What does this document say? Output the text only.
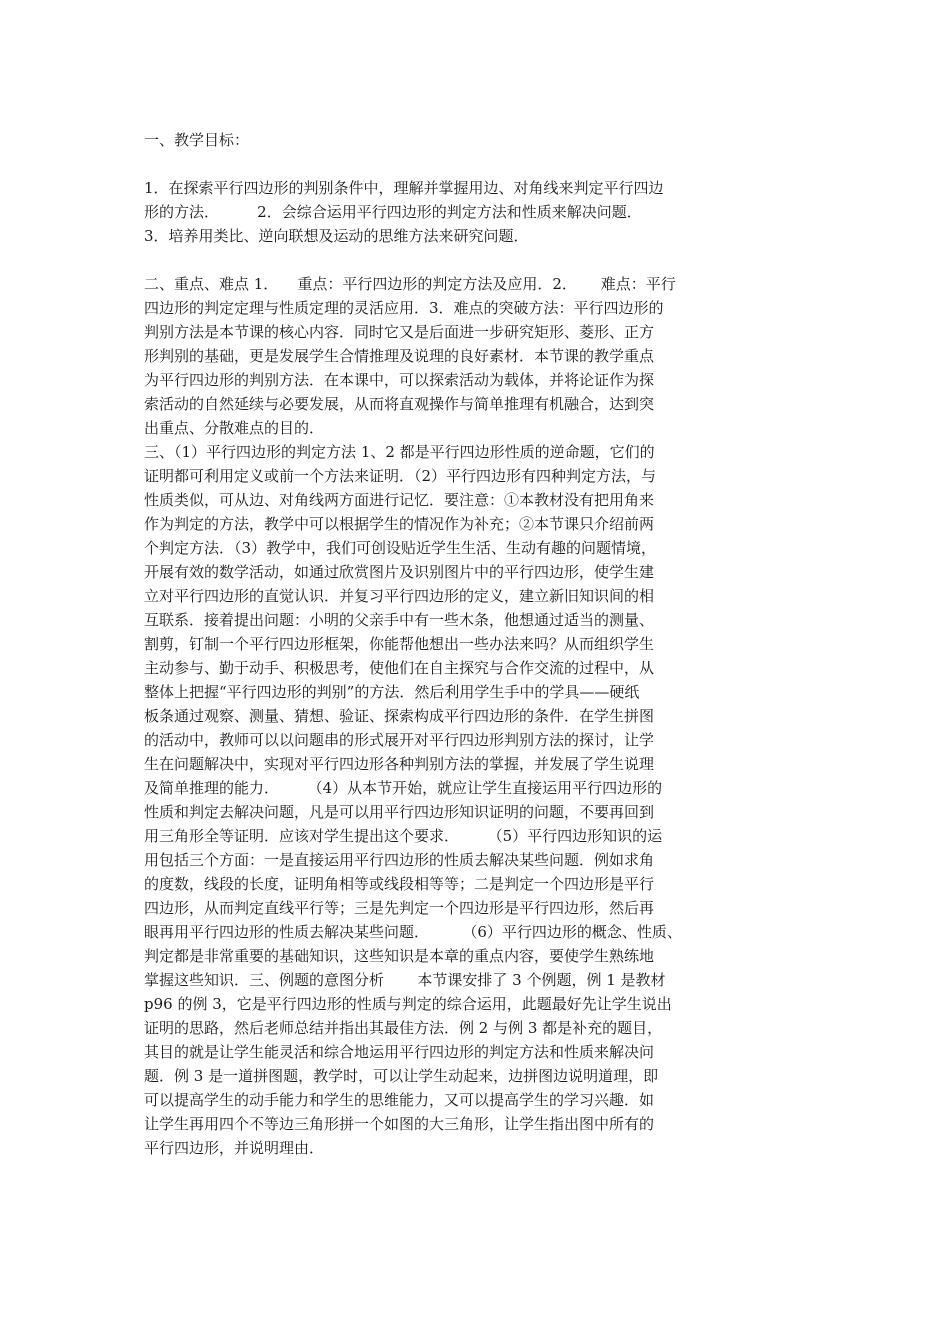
一、教学目标：
1．在探索平行四边形的判别条件中，理解并掌握用边、对角线来判定平行四边
形的方法．        2．会综合运用平行四边形的判定方法和性质来解决问题．
3．培养用类比、逆向联想及运动的思维方法来研究问题．
二、重点、难点 1．    重点：平行四边形的判定方法及应用．2．     难点：平行
四边形的判定定理与性质定理的灵活应用．3．难点的突破方法：平行四边形的
判别方法是本节课的核心内容．同时它又是后面进一步研究矩形、菱形、正方
形判别的基础，更是发展学生合情推理及说理的良好素材．本节课的教学重点
为平行四边形的判别方法．在本课中，可以探索活动为载体，并将论证作为探
索活动的自然延续与必要发展，从而将直观操作与简单推理有机融合，达到突
出重点、分散难点的目的．
三、（1）平行四边形的判定方法 1、2 都是平行四边形性质的逆命题，它们的
证明都可利用定义或前一个方法来证明．（2）平行四边形有四种判定方法，与
性质类似，可从边、对角线两方面进行记忆．要注意：①本教材没有把用角来
作为判定的方法，教学中可以根据学生的情况作为补充；②本节课只介绍前两
个判定方法．（3）教学中，我们可创设贴近学生生活、生动有趣的问题情境，
开展有效的数学活动，如通过欣赏图片及识别图片中的平行四边形，使学生建
立对平行四边形的直觉认识．并复习平行四边形的定义，建立新旧知识间的相
互联系．接着提出问题：小明的父亲手中有一些木条，他想通过适当的测量、
割剪，钉制一个平行四边形框架，你能帮他想出一些办法来吗？从而组织学生
主动参与、勤于动手、积极思考，使他们在自主探究与合作交流的过程中，从
整体上把握“平行四边形的判别”的方法．然后利用学生手中的学具——硬纸
板条通过观察、测量、猜想、验证、探索构成平行四边形的条件．在学生拼图
的活动中，教师可以以问题串的形式展开对平行四边形判别方法的探讨，让学
生在问题解决中，实现对平行四边形各种判别方法的掌握，并发展了学生说理
及简单推理的能力．      （4）从本节开始，就应让学生直接运用平行四边形的
性质和判定去解决问题，凡是可以用平行四边形知识证明的问题，不要再回到
用三角形全等证明．应该对学生提出这个要求．      （5）平行四边形知识的运
用包括三个方面：一是直接运用平行四边形的性质去解决某些问题．例如求角
的度数，线段的长度，证明角相等或线段相等等；二是判定一个四边形是平行
四边形，从而判定直线平行等；三是先判定一个四边形是平行四边形，然后再
眼再用平行四边形的性质去解决某些问题．       （6）平行四边形的概念、性质、
判定都是非常重要的基础知识，这些知识是本章的重点内容，要使学生熟练地
掌握这些知识．三、例题的意图分析       本节课安排了 3 个例题，例 1 是教材
p96 的例 3，它是平行四边形的性质与判定的综合运用，此题最好先让学生说出
证明的思路，然后老师总结并指出其最佳方法．例 2 与例 3 都是补充的题目，
其目的就是让学生能灵活和综合地运用平行四边形的判定方法和性质来解决问
题．例 3 是一道拼图题，教学时，可以让学生动起来，边拼图边说明道理，即
可以提高学生的动手能力和学生的思维能力，又可以提高学生的学习兴趣．如
让学生再用四个不等边三角形拼一个如图的大三角形，让学生指出图中所有的
平行四边形，并说明理由．
